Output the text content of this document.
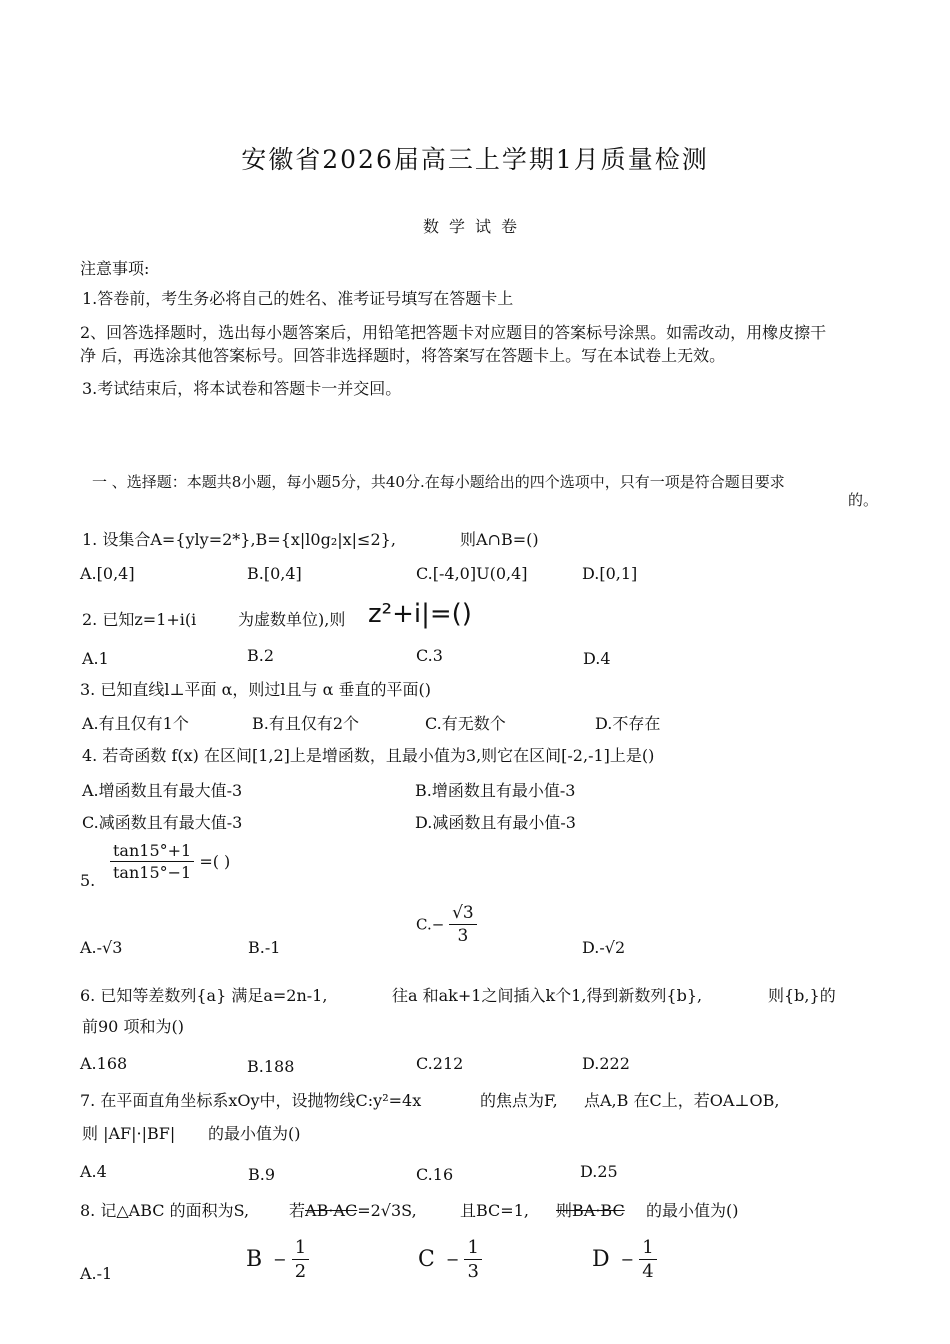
安徽省2026届高三上学期1月质量检测
数学试卷
注意事项:
1.答卷前，考生务必将自己的姓名、准考证号填写在答题卡上
2、回答选择题时，选出每小题答案后，用铅笔把答题卡对应题目的答案标号涂黑。如需改动，用橡皮擦干
净 后，再选涂其他答案标号。回答非选择题时，将答案写在答题卡上。写在本试卷上无效。
3.考试结束后，将本试卷和答题卡一并交回。
一 、选择题：本题共8小题，每小题5分，共40分.在每小题给出的四个选项中，只有一项是符合题目要求
的。
1. 设集合A={yly=2*},B={x|l0g₂|x|≤2},	则A∩B=()
A.[0,4]	B.[0,4]	C.[-4,0]U(0,4]	D.[0,1]
2. 已知z=1+i(i	为虚数单位),则 z²+i|=()
A.1	B.2	C.3	D.4
3. 已知直线l⊥平面 α，则过l且与 α 垂直的平面()
A.有且仅有1个	B.有且仅有2个	C.有无数个	D.不存在
4. 若奇函数 f(x) 在区间[1,2]上是增函数，且最小值为3,则它在区间[-2,-1]上是()
A.增函数且有最大值-3	B.增函数且有最小值-3
C.减函数且有最大值-3	D.减函数且有最小值-3
5. $\frac{\tan 15^\circ+1}{\tan 15^\circ-1}$ =( )
A.-√3	B.-1
$C.- \frac{√3}{3}$
D.-√2
6. 已知等差数列{a} 满足a=2n-1,	往a 和ak+1之间插入k个1,得到新数列{b},	则{b,}的
前90 项和为()
A.168	B.188	C.212	D.222
7. 在平面直角坐标系xOy中，设抛物线C:y²=4x	的焦点为F, 点A,B 在C上，若OA⊥OB,
则 |AF|·|BF| 的最小值为()
A.4	B.9	C.16	D.25
8. 记△ABC 的面积为S, 若AB·AC=2√3S,	且BC=1, 则BA·BC 的最小值为()
A.-1
$B - \frac{1}{2}$	$C - \frac{1}{3}$	$D - \frac{1}{4}$
